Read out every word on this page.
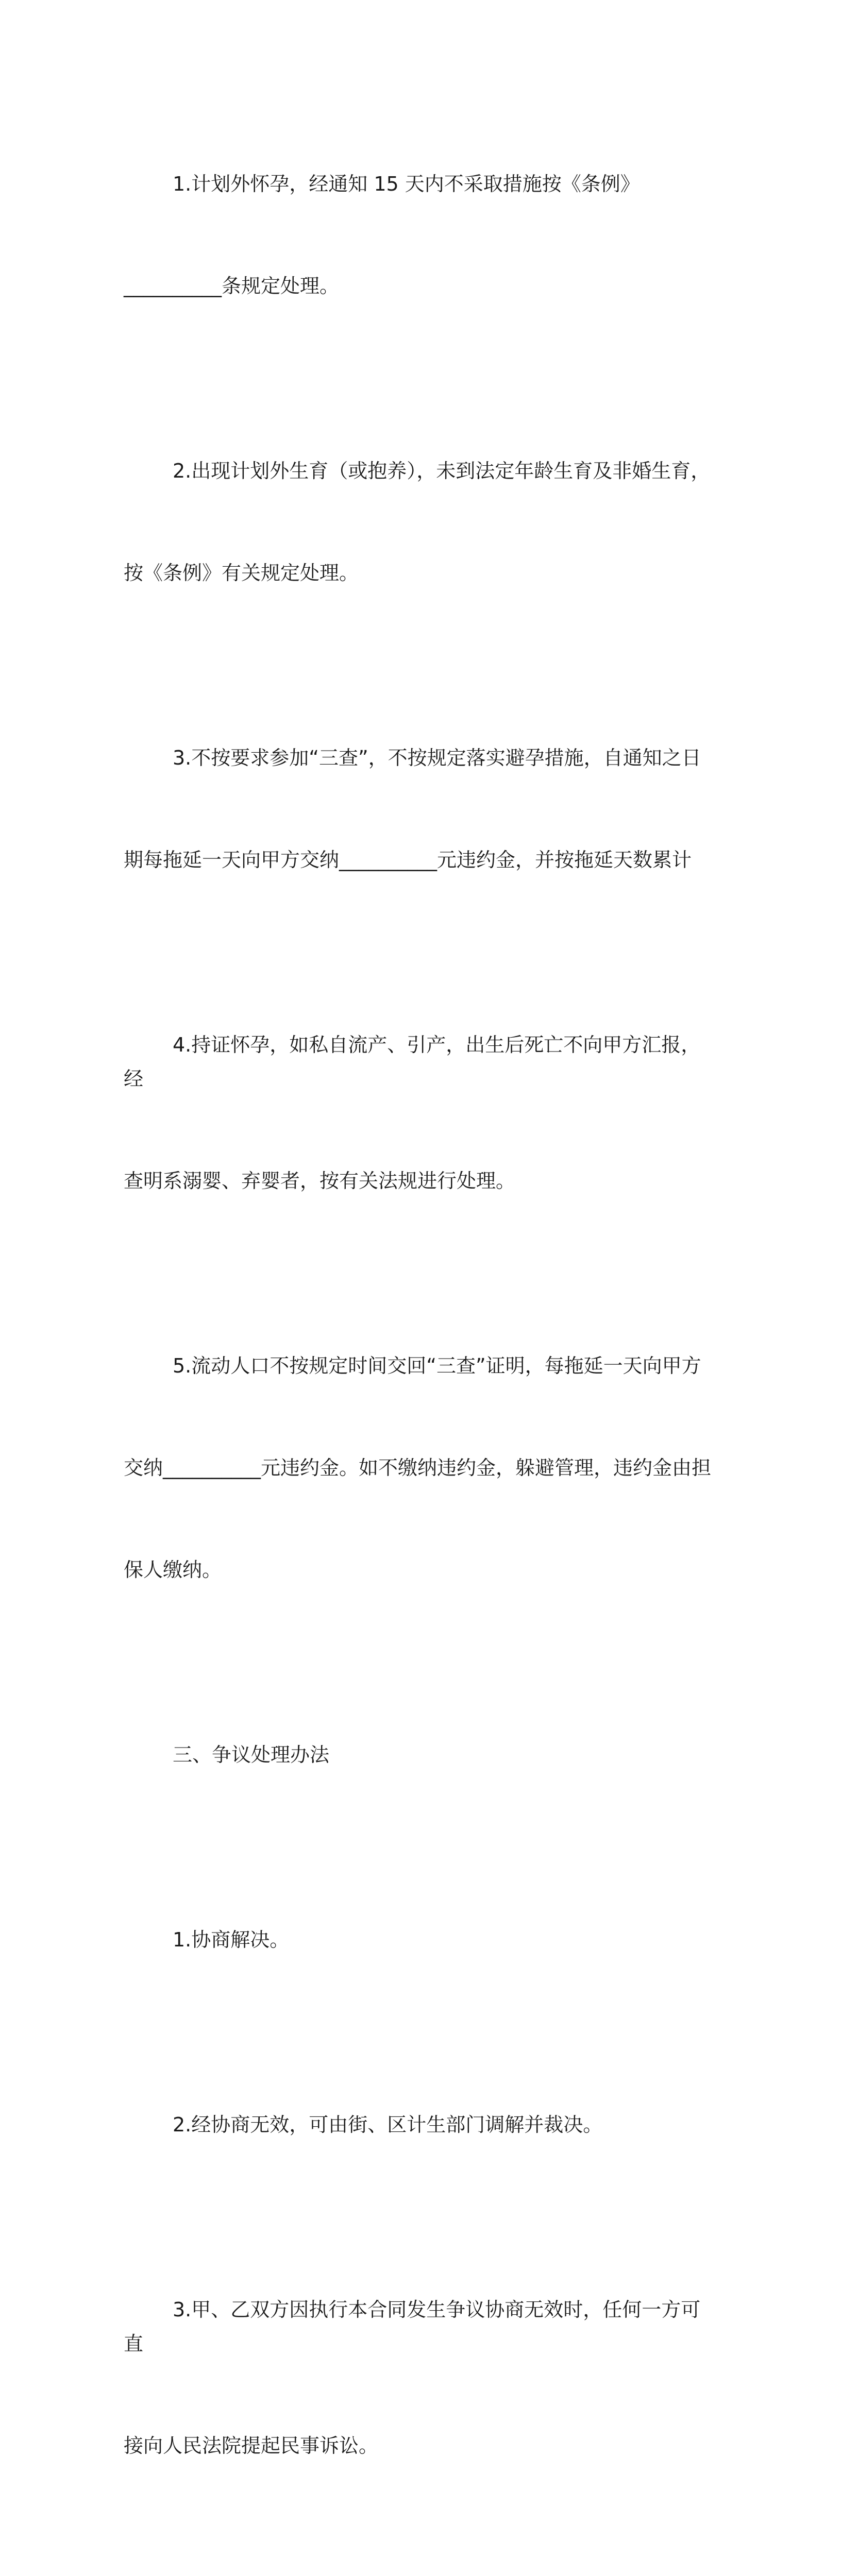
1.计划外怀孕，经通知 15 天内不采取措施按《条例》

__________条规定处理。

2.出现计划外生育（或抱养），未到法定年龄生育及非婚生育，

按《条例》有关规定处理。

3.不按要求参加“三查”，不按规定落实避孕措施，自通知之日

期每拖延一天向甲方交纳__________元违约金，并按拖延天数累计

4.持证怀孕，如私自流产、引产，出生后死亡不向甲方汇报，经

查明系溺婴、弃婴者，按有关法规进行处理。

5.流动人口不按规定时间交回“三查”证明，每拖延一天向甲方

交纳__________元违约金。如不缴纳违约金，躲避管理，违约金由担

保人缴纳。

三、争议处理办法

1.协商解决。

2.经协商无效，可由街、区计生部门调解并裁决。

3.甲、乙双方因执行本合同发生争议协商无效时，任何一方可直

接向人民法院提起民事诉讼。
